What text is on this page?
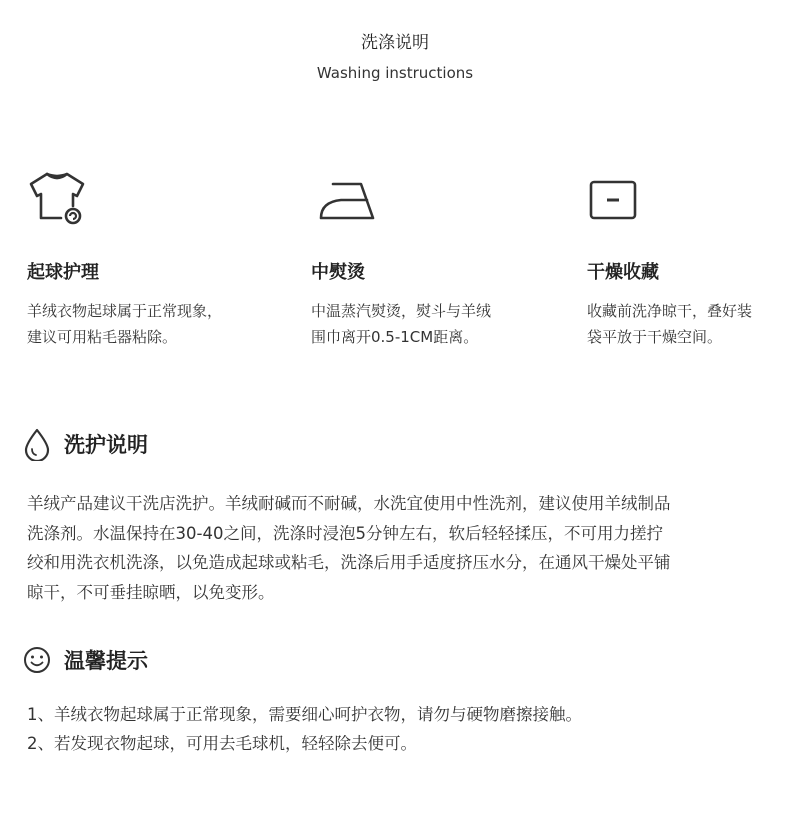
洗涤说明
Washing instructions
起球护理
羊绒衣物起球属于正常现象，
建议可用粘毛器粘除。
中熨烫
中温蒸汽熨烫，熨斗与羊绒
围巾离开0.5-1CM距离。
干燥收藏
收藏前洗净晾干，叠好装
袋平放于干燥空间。
洗护说明
羊绒产品建议干洗店洗护。羊绒耐碱而不耐碱，水洗宜使用中性洗剂，建议使用羊绒制品
洗涤剂。水温保持在30-40之间，洗涤时浸泡5分钟左右，软后轻轻揉压，不可用力搓拧
绞和用洗衣机洗涤，以免造成起球或粘毛，洗涤后用手适度挤压水分，在通风干燥处平铺
晾干，不可垂挂晾晒，以免变形。
温馨提示
1、羊绒衣物起球属于正常现象，需要细心呵护衣物，请勿与硬物磨擦接触。
2、若发现衣物起球，可用去毛球机，轻轻除去便可。
